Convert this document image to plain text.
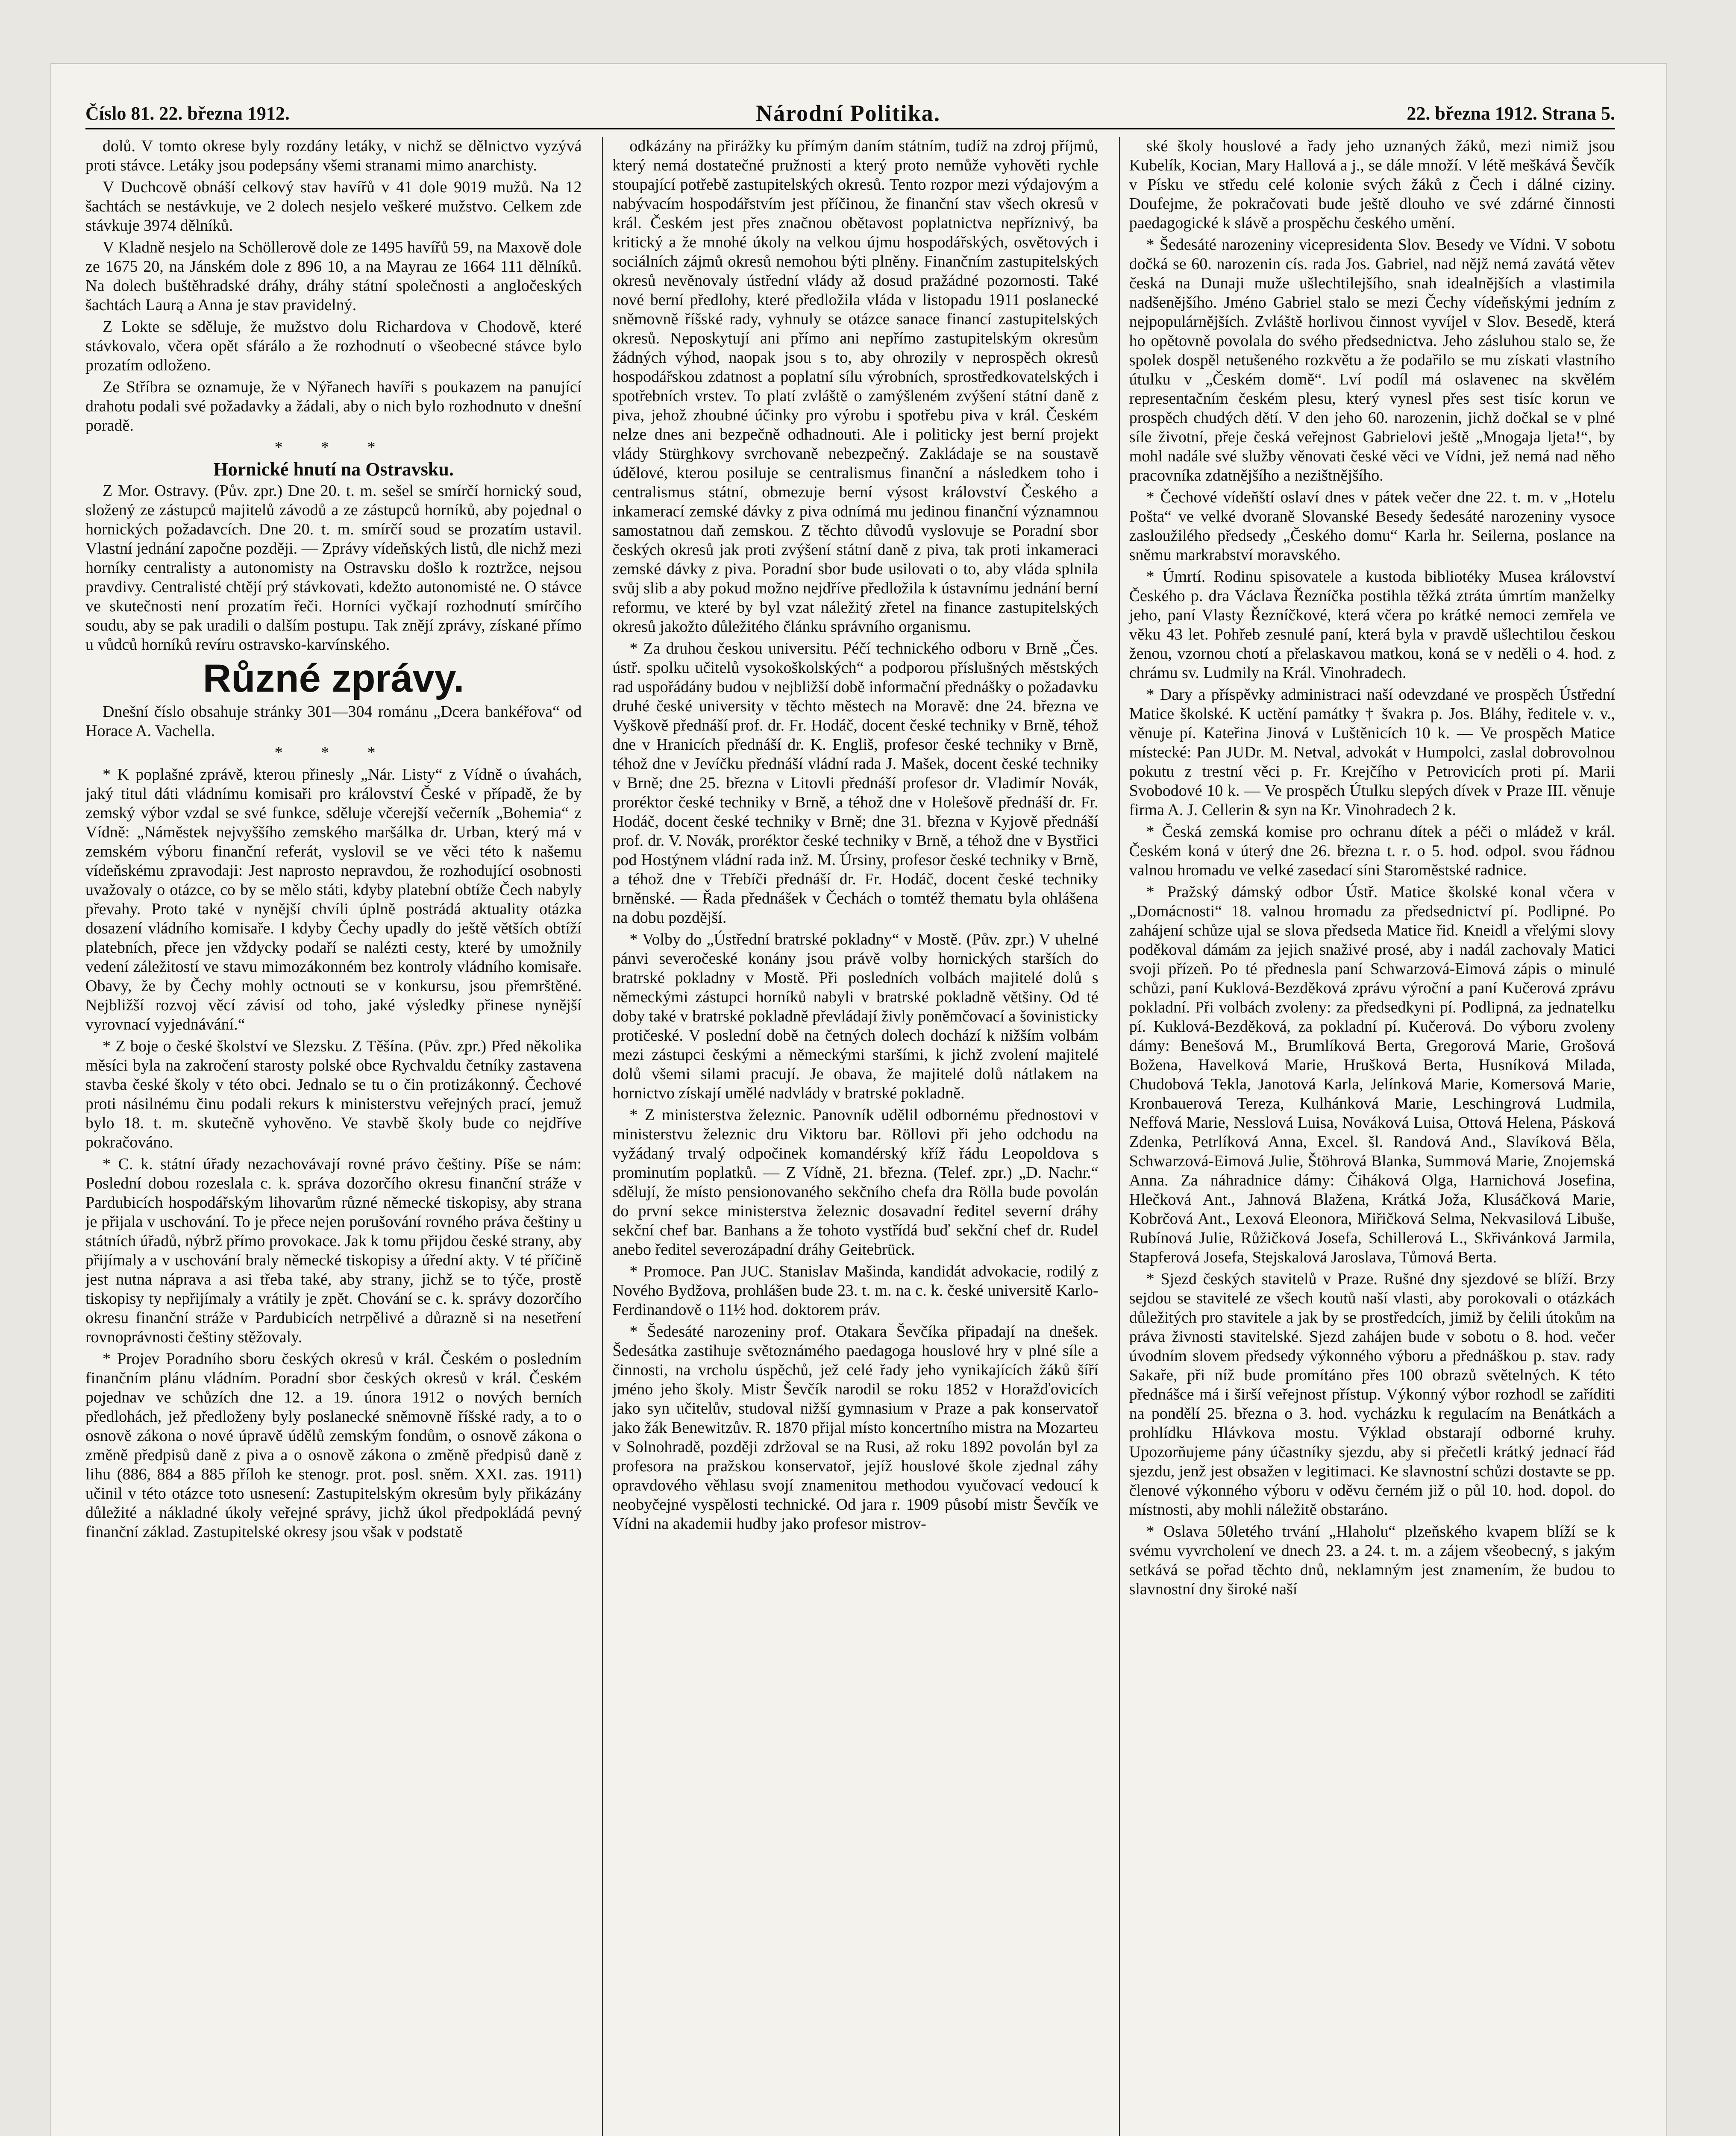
Číslo 81. 22. března 1912.	Národní Politika.	22. března 1912. Strana 5.

dolů. V tomto okrese byly rozdány letáky, v nichž se dělnictvo vyzývá proti stávce. Letáky jsou podepsány všemi stranami mimo anarchisty.

V Duchcově obnáší celkový stav havířů v 41 dole 9019 mužů. Na 12 šachtách se nestávkuje, ve 2 dolech nesjelo veškeré mužstvo. Celkem zde stávkuje 3974 dělníků.

V Kladně nesjelo na Schöllerově dole ze 1495 havířů 59, na Maxově dole ze 1675 20, na Jánském dole z 896 10, a na Mayrau ze 1664 111 dělníků. Na dolech buštěhradské dráhy, dráhy státní společnosti a angločeských šachtách Laurą a Anna je stav pravidelný.

Z Lokte se sděluje, že mužstvo dolu Richardova v Chodově, které stávkovalo, včera opět sfárálo a že rozhodnutí o všeobecné stávce bylo prozatím odloženo.

Ze Stříbra se oznamuje, že v Nýřanech havíři s poukazem na panující drahotu podali své požadavky a žádali, aby o nich bylo rozhodnuto v dnešní poradě.

* * *

Hornické hnutí na Ostravsku.

Z Mor. Ostravy. (Pův. zpr.) Dne 20. t. m. sešel se smírčí hornický soud, složený ze zástupců majitelů závodů a ze zástupců horníků, aby pojednal o hornických požadavcích. Dne 20. t. m. smírčí soud se prozatím ustavil. Vlastní jednání započne později. — Zprávy vídeňských listů, dle nichž mezi horníky centralisty a autonomisty na Ostravsku došlo k roztržce, nejsou pravdivy. Centralisté chtějí prý stávkovati, kdežto autonomisté ne. O stávce ve skutečnosti není prozatím řeči. Horníci vyčkají rozhodnutí smírčího soudu, aby se pak uradili o dalším postupu. Tak znějí zprávy, získané přímo u vůdců horníků revíru ostravsko-karvínského.

Různé zprávy.

Dnešní číslo obsahuje stránky 301—304 románu „Dcera bankéřova“ od Horace A. Vachella.

* * *

* K poplašné zprávě, kterou přinesly „Nár. Listy“ z Vídně o úvahách, jaký titul dáti vládnímu komisaři pro království České v případě, že by zemský výbor vzdal se své funkce, sděluje včerejší večerník „Bohemia“ z Vídně: „Náměstek nejvyššího zemského maršálka dr. Urban, který má v zemském výboru finanční referát, vyslovil se ve věci této k našemu vídeňskému zpravodaji: Jest naprosto nepravdou, že rozhodující osobnosti uvažovaly o otázce, co by se mělo státi, kdyby platební obtíže Čech nabyly převahy. Proto také v nynější chvíli úplně postrádá aktuality otázka dosazení vládního komisaře. I kdyby Čechy upadly do ještě větších obtíží platebních, přece jen vždycky podaří se nalézti cesty, které by umožnily vedení záležitostí ve stavu mimozákonném bez kontroly vládního komisaře. Obavy, že by Čechy mohly octnouti se v konkursu, jsou přemrštěné. Nejbližší rozvoj věcí závisí od toho, jaké výsledky přinese nynější vyrovnací vyjednávání.“

* Z boje o české školství ve Slezsku. Z Těšína. (Pův. zpr.) Před několika měsíci byla na zakročení starosty polské obce Rychvaldu četníky zastavena stavba české školy v této obci. Jednalo se tu o čin protizákonný. Čechové proti násilnému činu podali rekurs k ministerstvu veřejných prací, jemuž bylo 18. t. m. skutečně vyhověno. Ve stavbě školy bude co nejdříve pokračováno.

* C. k. státní úřady nezachovávají rovné právo češtiny. Píše se nám: Poslední dobou rozeslala c. k. správa dozorčího okresu finanční stráže v Pardubicích hospodářským lihovarům různé německé tiskopisy, aby strana je přijala v uschování. To je přece nejen porušování rovného práva češtiny u státních úřadů, nýbrž přímo provokace. Jak k tomu přijdou české strany, aby přijímaly a v uschování braly německé tiskopisy a úřední akty. V té příčině jest nutna náprava a asi třeba také, aby strany, jichž se to týče, prostě tiskopisy ty nepřijímaly a vrátily je zpět. Chování se c. k. správy dozorčího okresu finanční stráže v Pardubicích netrpělivé a důrazně si na nesetření rovnoprávnosti češtiny stěžovaly.

* Projev Poradního sboru českých okresů v král. Českém o posledním finančním plánu vládním. Poradní sbor českých okresů v král. Českém pojednav ve schůzích dne 12. a 19. února 1912 o nových berních předlohách, jež předloženy byly poslanecké sněmovně říšské rady, a to o osnově zákona o nové úpravě údělů zemským fondům, o osnově zákona o změně předpisů daně z piva a o osnově zákona o změně předpisů daně z lihu (886, 884 a 885 příloh ke stenogr. prot. posl. sněm. XXI. zas. 1911) učinil v této otázce toto usnesení: Zastupitelským okresům byly přikázány důležité a nákladné úkoly veřejné správy, jichž úkol předpokládá pevný finanční základ. Zastupitelské okresy jsou však v podstatě

odkázány na přirážky ku přímým daním státním, tudíž na zdroj příjmů, který nemá dostatečné pružnosti a který proto nemůže vyhověti rychle stoupající potřebě zastupitelských okresů. Tento rozpor mezi výdajovým a nabývacím hospodářstvím jest příčinou, že finanční stav všech okresů v král. Českém jest přes značnou obětavost poplatnictva nepříznivý, ba kritický a že mnohé úkoly na velkou újmu hospodářských, osvětových i sociálních zájmů okresů nemohou býti plněny. Finančním zastupitelských okresů nevěnovaly ústřední vlády až dosud pražádné pozornosti. Také nové berní předlohy, které předložila vláda v listopadu 1911 poslanecké sněmovně říšské rady, vyhnuly se otázce sanace financí zastupitelských okresů. Neposkytují ani přímo ani nepřímo zastupitelským okresům žádných výhod, naopak jsou s to, aby ohrozily v neprospěch okresů hospodářskou zdatnost a poplatní sílu výrobních, sprostředkovatelských i spotřebních vrstev. To platí zvláště o zamýšleném zvýšení státní daně z piva, jehož zhoubné účinky pro výrobu i spotřebu piva v král. Českém nelze dnes ani bezpečně odhadnouti. Ale i politicky jest berní projekt vlády Stürghkovy svrchovaně nebezpečný. Zakládaje se na soustavě údělové, kterou posiluje se centralismus finanční a následkem toho i centralismus státní, obmezuje berní výsost království Českého a inkamerací zemské dávky z piva odnímá mu jedinou finanční významnou samostatnou daň zemskou. Z těchto důvodů vyslovuje se Poradní sbor českých okresů jak proti zvýšení státní daně z piva, tak proti inkameraci zemské dávky z piva. Poradní sbor bude usilovati o to, aby vláda splnila svůj slib a aby pokud možno nejdříve předložila k ústavnímu jednání berní reformu, ve které by byl vzat náležitý zřetel na finance zastupitelských okresů jakožto důležitého článku správního organismu.

* Za druhou českou universitu. Péčí technického odboru v Brně „Čes. ústř. spolku učitelů vysokoškolských“ a podporou příslušných městských rad uspořádány budou v nejbližší době informační přednášky o požadavku druhé české university v těchto městech na Moravě: dne 24. března ve Vyškově přednáší prof. dr. Fr. Hodáč, docent české techniky v Brně, téhož dne v Hranicích přednáší dr. K. Engliš, profesor české techniky v Brně, téhož dne v Jevíčku přednáší vládní rada J. Mašek, docent české techniky v Brně; dne 25. března v Litovli přednáší profesor dr. Vladimír Novák, proréktor české techniky v Brně, a téhož dne v Holešově přednáší dr. Fr. Hodáč, docent české techniky v Brně; dne 31. března v Kyjově přednáší prof. dr. V. Novák, proréktor české techniky v Brně, a téhož dne v Bystřici pod Hostýnem vládní rada inž. M. Úrsiny, profesor české techniky v Brně, a téhož dne v Třebíči přednáší dr. Fr. Hodáč, docent české techniky brněnské. — Řada přednášek v Čechách o tomtéž thematu byla ohlášena na dobu pozdější.

* Volby do „Ústřední bratrské pokladny“ v Mostě. (Pův. zpr.) V uhelné pánvi severočeské konány jsou právě volby hornických starších do bratrské pokladny v Mostě. Při posledních volbách majitelé dolů s německými zástupci horníků nabyli v bratrské pokladně většiny. Od té doby také v bratrské pokladně převládají živly poněmčovací a šovinisticky protičeské. V poslední době na četných dolech dochází k nižším volbám mezi zástupci českými a německými staršími, k jichž zvolení majitelé dolů všemi silami pracují. Je obava, že majitelé dolů nátlakem na hornictvo získají umělé nadvlády v bratrské pokladně.

* Z ministerstva železnic. Panovník udělil odbornému přednostovi v ministerstvu železnic dru Viktoru bar. Röllovi při jeho odchodu na vyžádaný trvalý odpočinek komandérský kříž řádu Leopoldova s prominutím poplatků. — Z Vídně, 21. března. (Telef. zpr.) „D. Nachr.“ sdělují, že místo pensionovaného sekčního chefa dra Rölla bude povolán do první sekce ministerstva železnic dosavadní ředitel severní dráhy sekční chef bar. Banhans a že tohoto vystřídá buď sekční chef dr. Rudel anebo ředitel severozápadní dráhy Geitebrück.

* Promoce. Pan JUC. Stanislav Mašinda, kandidát advokacie, rodilý z Nového Bydžova, prohlášen bude 23. t. m. na c. k. české universitě Karlo-Ferdinandově o 11½ hod. doktorem práv.

* Šedesáté narozeniny prof. Otakara Ševčíka připadají na dnešek. Šedesátka zastihuje světoznámého paedagoga houslové hry v plné síle a činnosti, na vrcholu úspěchů, jež celé řady jeho vynikajících žáků šíří jméno jeho školy. Mistr Ševčík narodil se roku 1852 v Horažďovicích jako syn učitelův, studoval nižší gymnasium v Praze a pak konservatoř jako žák Benewitzův. R. 1870 přijal místo koncertního mistra na Mozarteu v Solnohradě, později zdržoval se na Rusi, až roku 1892 povolán byl za profesora na pražskou konservatoř, jejíž houslové škole zjednal záhy opravdového věhlasu svojí znamenitou methodou vyučovací vedoucí k neobyčejné vyspělosti technické. Od jara r. 1909 působí mistr Ševčík ve Vídni na akademii hudby jako profesor mistrov-

ské školy houslové a řady jeho uznaných žáků, mezi nimiž jsou Kubelík, Kocian, Mary Hallová a j., se dále množí. V létě meškává Ševčík v Písku ve středu celé kolonie svých žáků z Čech i dálné ciziny. Doufejme, že pokračovati bude ještě dlouho ve své zdárné činnosti paedagogické k slávě a prospěchu českého umění.

* Šedesáté narozeniny vicepresidenta Slov. Besedy ve Vídni. V sobotu dočká se 60. narozenin cís. rada Jos. Gabriel, nad nějž nemá zavátá větev česká na Dunaji muže ušlechtilejšího, snah idealnějších a vlastimila nadšenějšího. Jméno Gabriel stalo se mezi Čechy vídeňskými jedním z nejpopulárnějších. Zvláště horlivou činnost vyvíjel v Slov. Besedě, která ho opětovně povolala do svého předsednictva. Jeho zásluhou stalo se, že spolek dospěl netušeného rozkvětu a že podařilo se mu získati vlastního útulku v „Českém domě“. Lví podíl má oslavenec na skvělém representačním českém plesu, který vynesl přes sest tisíc korun ve prospěch chudých dětí. V den jeho 60. narozenin, jichž dočkal se v plné síle životní, přeje česká veřejnost Gabrielovi ještě „Mnogaja ljeta!“, by mohl nadále své služby věnovati české věci ve Vídni, jež nemá nad něho pracovníka zdatnějšího a nezištnějšího.

* Čechové vídeňští oslaví dnes v pátek večer dne 22. t. m. v „Hotelu Pošta“ ve velké dvoraně Slovanské Besedy šedesáté narozeniny vysoce zasloužilého předsedy „Českého domu“ Karla hr. Seilerna, poslance na sněmu markrabství moravského.

* Úmrtí. Rodinu spisovatele a kustoda bibliotéky Musea království Českého p. dra Václava Řezníčka postihla těžká ztráta úmrtím manželky jeho, paní Vlasty Řezníčkové, která včera po krátké nemoci zemřela ve věku 43 let. Pohřeb zesnulé paní, která byla v pravdě ušlechtilou českou ženou, vzornou chotí a přelaskavou matkou, koná se v neděli o 4. hod. z chrámu sv. Ludmily na Král. Vinohradech.

* Dary a příspěvky administraci naší odevzdané ve prospěch Ústřední Matice školské. K uctění památky † švakra p. Jos. Bláhy, ředitele v. v., věnuje pí. Kateřina Jinová v Luštěnicích 10 k. — Ve prospěch Matice místecké: Pan JUDr. M. Netval, advokát v Humpolci, zaslal dobrovolnou pokutu z trestní věci p. Fr. Krejčího v Petrovicích proti pí. Marii Svobodové 10 k. — Ve prospěch Útulku slepých dívek v Praze III. věnuje firma A. J. Cellerin & syn na Kr. Vinohradech 2 k.

* Česká zemská komise pro ochranu dítek a péči o mládež v král. Českém koná v úterý dne 26. března t. r. o 5. hod. odpol. svou řádnou valnou hromadu ve velké zasedací síni Staroměstské radnice.

* Pražský dámský odbor Ústř. Matice školské konal včera v „Domácnosti“ 18. valnou hromadu za předsednictví pí. Podlipné. Po zahájení schůze ujal se slova předseda Matice řid. Kneidl a vřelými slovy poděkoval dámám za jejich snaživé prosé, aby i nadál zachovaly Matici svoji přízeň. Po té přednesla paní Schwarzová-Eimová zápis o minulé schůzi, paní Kuklová-Bezděková zprávu výroční a paní Kučerová zprávu pokladní. Při volbách zvoleny: za předsedkyni pí. Podlipná, za jednatelku pí. Kuklová-Bezděková, za pokladní pí. Kučerová. Do výboru zvoleny dámy: Benešová M., Brumlíková Berta, Gregorová Marie, Grošová Božena, Havelková Marie, Hrušková Berta, Husníková Milada, Chudobová Tekla, Janotová Karla, Jelínková Marie, Komersová Marie, Kronbauerová Tereza, Kulhánková Marie, Leschingrová Ludmila, Neffová Marie, Nesslová Luisa, Nováková Luisa, Ottová Helena, Pásková Zdenka, Petrlíková Anna, Excel. šl. Randová And., Slavíková Běla, Schwarzová-Eimová Julie, Štöhrová Blanka, Summová Marie, Znojemská Anna. Za náhradnice dámy: Čiháková Olga, Harnichová Josefina, Hlečková Ant., Jahnová Blažena, Krátká Joža, Klusáčková Marie, Kobrčová Ant., Lexová Eleonora, Miřičková Selma, Nekvasilová Libuše, Rubínová Julie, Růžičková Josefa, Schillerová L., Skřivánková Jarmila, Stapferová Josefa, Stejskalová Jaroslava, Tůmová Berta.

* Sjezd českých stavitelů v Praze. Rušné dny sjezdové se blíží. Brzy sejdou se stavitelé ze všech koutů naší vlasti, aby porokovali o otázkách důležitých pro stavitele a jak by se prostředcích, jimiž by čelili útokům na práva živnosti stavitelské. Sjezd zahájen bude v sobotu o 8. hod. večer úvodním slovem předsedy výkonného výboru a přednáškou p. stav. rady Sakaře, při níž bude promítáno přes 100 obrazů světelných. K této přednášce má i širší veřejnost přístup. Výkonný výbor rozhodl se zaříditi na pondělí 25. března o 3. hod. vycházku k regulacím na Benátkách a prohlídku Hlávkova mostu. Výklad obstarají odborné kruhy. Upozorňujeme pány účastníky sjezdu, aby si přečetli krátký jednací řád sjezdu, jenž jest obsažen v legitimaci. Ke slavnostní schůzi dostavte se pp. členové výkonného výboru v oděvu černém již o půl 10. hod. dopol. do místnosti, aby mohli náležitě obstaráno.

* Oslava 50letého trvání „Hlaholu“ plzeňského kvapem blíží se k svému vyvrcholení ve dnech 23. a 24. t. m. a zájem všeobecný, s jakým setkává se pořad těchto dnů, neklamným jest znamením, že budou to slavnostní dny široké naší
